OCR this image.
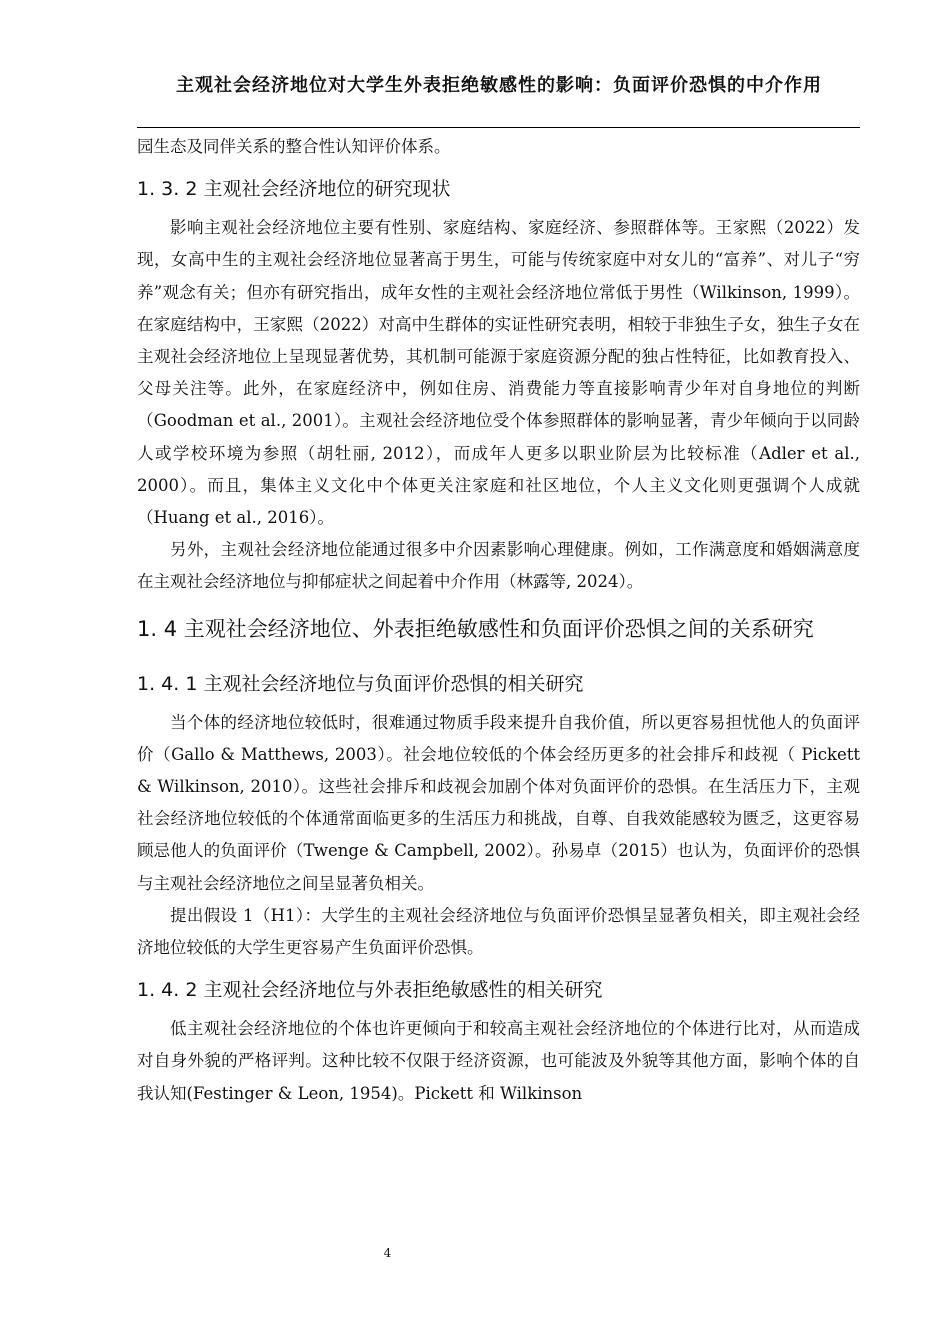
主观社会经济地位对大学生外表拒绝敏感性的影响：负面评价恐惧的中介作用

园生态及同伴关系的整合性认知评价体系。

1. 3. 2 主观社会经济地位的研究现状

影响主观社会经济地位主要有性别、家庭结构、家庭经济、参照群体等。王家熙（2022）发现，女高中生的主观社会经济地位显著高于男生，可能与传统家庭中对女儿的“富养”、对儿子“穷养”观念有关；但亦有研究指出，成年女性的主观社会经济地位常低于男性（Wilkinson, 1999）。在家庭结构中，王家熙（2022）对高中生群体的实证性研究表明，相较于非独生子女，独生子女在主观社会经济地位上呈现显著优势，其机制可能源于家庭资源分配的独占性特征，比如教育投入、父母关注等。此外，在家庭经济中，例如住房、消费能力等直接影响青少年对自身地位的判断（Goodman et al., 2001）。主观社会经济地位受个体参照群体的影响显著，青少年倾向于以同龄人或学校环境为参照（胡牡丽, 2012），而成年人更多以职业阶层为比较标准（Adler et al., 2000）。而且，集体主义文化中个体更关注家庭和社区地位，个人主义文化则更强调个人成就（Huang et al., 2016）。

另外，主观社会经济地位能通过很多中介因素影响心理健康。例如，工作满意度和婚姻满意度在主观社会经济地位与抑郁症状之间起着中介作用（林露等, 2024）。

1. 4 主观社会经济地位、外表拒绝敏感性和负面评价恐惧之间的关系研究
1. 4. 1 主观社会经济地位与负面评价恐惧的相关研究

当个体的经济地位较低时，很难通过物质手段来提升自我价值，所以更容易担忧他人的负面评价（Gallo & Matthews, 2003）。社会地位较低的个体会经历更多的社会排斥和歧视（ Pickett & Wilkinson, 2010）。这些社会排斥和歧视会加剧个体对负面评价的恐惧。在生活压力下，主观社会经济地位较低的个体通常面临更多的生活压力和挑战，自尊、自我效能感较为匮乏，这更容易顾忌他人的负面评价（Twenge & Campbell, 2002）。孙易卓（2015）也认为，负面评价的恐惧与主观社会经济地位之间呈显著负相关。

提出假设 1（H1）：大学生的主观社会经济地位与负面评价恐惧呈显著负相关，即主观社会经济地位较低的大学生更容易产生负面评价恐惧。

1. 4. 2 主观社会经济地位与外表拒绝敏感性的相关研究

低主观社会经济地位的个体也许更倾向于和较高主观社会经济地位的个体进行比对，从而造成对自身外貌的严格评判。这种比较不仅限于经济资源，也可能波及外貌等其他方面，影响个体的自我认知(Festinger & Leon, 1954)。Pickett 和 Wilkinson

4
